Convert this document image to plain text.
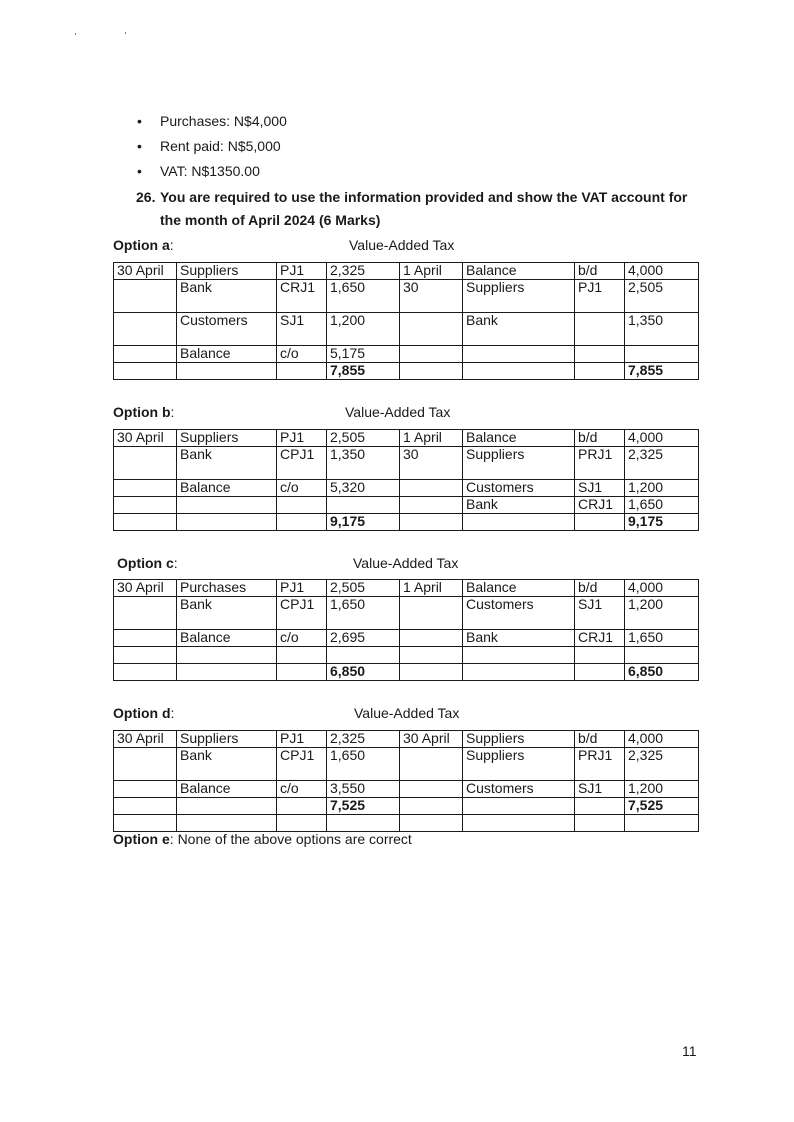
• Purchases: N$4,000
• Rent paid: N$5,000
• VAT: N$1350.00
26. You are required to use the information provided and show the VAT account for
the month of April 2024 (6 Marks)
Option a:	Value-Added Tax
30 April	Suppliers	PJ1	2,325	1 April	Balance	b/d	4,000
	Bank	CRJ1	1,650	30	Suppliers	PJ1	2,505
	Customers	SJ1	1,200		Bank		1,350
	Balance	c/o	5,175				
			7,855				7,855
Option b:	Value-Added Tax
30 April	Suppliers	PJ1	2,505	1 April	Balance	b/d	4,000
	Bank	CPJ1	1,350	30	Suppliers	PRJ1	2,325
	Balance	c/o	5,320		Customers	SJ1	1,200
					Bank	CRJ1	1,650
			9,175				9,175
Option c:	Value-Added Tax
30 April	Purchases	PJ1	2,505	1 April	Balance	b/d	4,000
	Bank	CPJ1	1,650		Customers	SJ1	1,200
	Balance	c/o	2,695		Bank	CRJ1	1,650

			6,850				6,850
Option d:	Value-Added Tax
30 April	Suppliers	PJ1	2,325	30 April	Suppliers	b/d	4,000
	Bank	CPJ1	1,650		Suppliers	PRJ1	2,325
	Balance	c/o	3,550		Customers	SJ1	1,200
			7,525				7,525

Option e: None of the above options are correct
11
